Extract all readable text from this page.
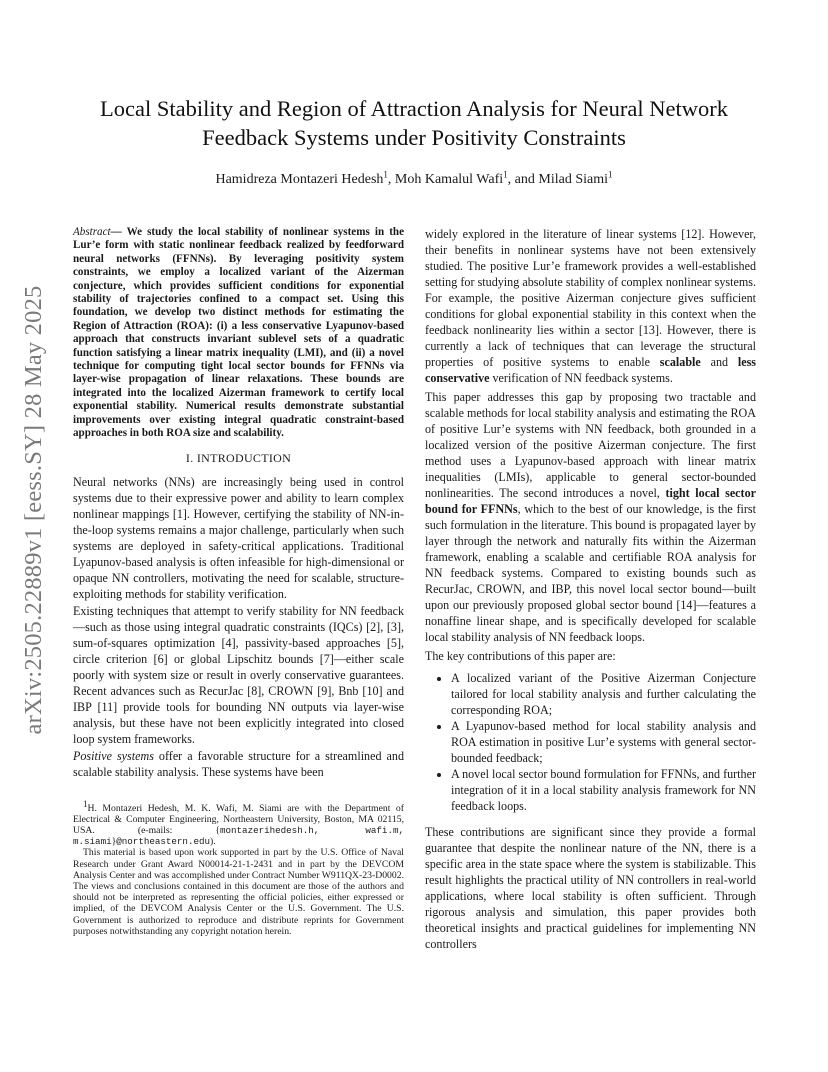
arXiv:2505.22889v1 [eess.SY] 28 May 2025
Local Stability and Region of Attraction Analysis for Neural Network
Feedback Systems under Positivity Constraints
Hamidreza Montazeri Hedesh$^1$, Moh Kamalul Wafi$^1$, and Milad Siami$^1$
Abstract— We study the local stability of nonlinear systems in the Lur’e form with static nonlinear feedback realized by feedforward neural networks (FFNNs). By leveraging positivity system constraints, we employ a localized variant of the Aizerman conjecture, which provides sufficient conditions for exponential stability of trajectories confined to a compact set. Using this foundation, we develop two distinct methods for estimating the Region of Attraction (ROA): (i) a less conservative Lyapunov-based approach that constructs invariant sublevel sets of a quadratic function satisfying a linear matrix inequality (LMI), and (ii) a novel technique for computing tight local sector bounds for FFNNs via layer-wise propagation of linear relaxations. These bounds are integrated into the localized Aizerman framework to certify local exponential stability. Numerical results demonstrate substantial improvements over existing integral quadratic constraint-based approaches in both ROA size and scalability.
I. INTRODUCTION

Neural networks (NNs) are increasingly being used in control systems due to their expressive power and ability to learn complex nonlinear mappings [1]. However, certifying the stability of NN-in-the-loop systems remains a major challenge, particularly when such systems are deployed in safety-critical applications. Traditional Lyapunov-based analysis is often infeasible for high-dimensional or opaque NN controllers, motivating the need for scalable, structure-exploiting methods for stability verification.

Existing techniques that attempt to verify stability for NN feedback—such as those using integral quadratic constraints (IQCs) [2], [3], sum-of-squares optimization [4], passivity-based approaches [5], circle criterion [6] or global Lipschitz bounds [7]—either scale poorly with system size or result in overly conservative guarantees. Recent advances such as RecurJac [8], CROWN [9], Bnb [10] and IBP [11] provide tools for bounding NN outputs via layer-wise analysis, but these have not been explicitly integrated into closed loop system frameworks.

Positive systems offer a favorable structure for a streamlined and scalable stability analysis. These systems have been

$^1$H. Montazeri Hedesh, M. K. Wafi, M. Siami are with the Department of Electrical & Computer Engineering, Northeastern University, Boston, MA 02115, USA. (e-mails: {montazerihedesh.h, wafi.m, m.siami}@northeastern.edu).

This material is based upon work supported in part by the U.S. Office of Naval Research under Grant Award N00014-21-1-2431 and in part by the DEVCOM Analysis Center and was accomplished under Contract Number W911QX-23-D0002. The views and conclusions contained in this document are those of the authors and should not be interpreted as representing the official policies, either expressed or implied, of the DEVCOM Analysis Center or the U.S. Government. The U.S. Government is authorized to reproduce and distribute reprints for Government purposes notwithstanding any copyright notation herein.

widely explored in the literature of linear systems [12]. However, their benefits in nonlinear systems have not been extensively studied. The positive Lur’e framework provides a well-established setting for studying absolute stability of complex nonlinear systems. For example, the positive Aizerman conjecture gives sufficient conditions for global exponential stability in this context when the feedback nonlinearity lies within a sector [13]. However, there is currently a lack of techniques that can leverage the structural properties of positive systems to enable scalable and less conservative verification of NN feedback systems.

This paper addresses this gap by proposing two tractable and scalable methods for local stability analysis and estimating the ROA of positive Lur’e systems with NN feedback, both grounded in a localized version of the positive Aizerman conjecture. The first method uses a Lyapunov-based approach with linear matrix inequalities (LMIs), applicable to general sector-bounded nonlinearities. The second introduces a novel, tight local sector bound for FFNNs, which to the best of our knowledge, is the first such formulation in the literature. This bound is propagated layer by layer through the network and naturally fits within the Aizerman framework, enabling a scalable and certifiable ROA analysis for NN feedback systems. Compared to existing bounds such as RecurJac, CROWN, and IBP, this novel local sector bound—built upon our previously proposed global sector bound [14]—features a nonaffine linear shape, and is specifically developed for scalable local stability analysis of NN feedback loops.

The key contributions of this paper are:

• A localized variant of the Positive Aizerman Conjecture tailored for local stability analysis and further calculating the corresponding ROA;
• A Lyapunov-based method for local stability analysis and ROA estimation in positive Lur’e systems with general sector-bounded feedback;
• A novel local sector bound formulation for FFNNs, and further integration of it in a local stability analysis framework for NN feedback loops.

These contributions are significant since they provide a formal guarantee that despite the nonlinear nature of the NN, there is a specific area in the state space where the system is stabilizable. This result highlights the practical utility of NN controllers in real-world applications, where local stability is often sufficient. Through rigorous analysis and simulation, this paper provides both theoretical insights and practical guidelines for implementing NN controllers
